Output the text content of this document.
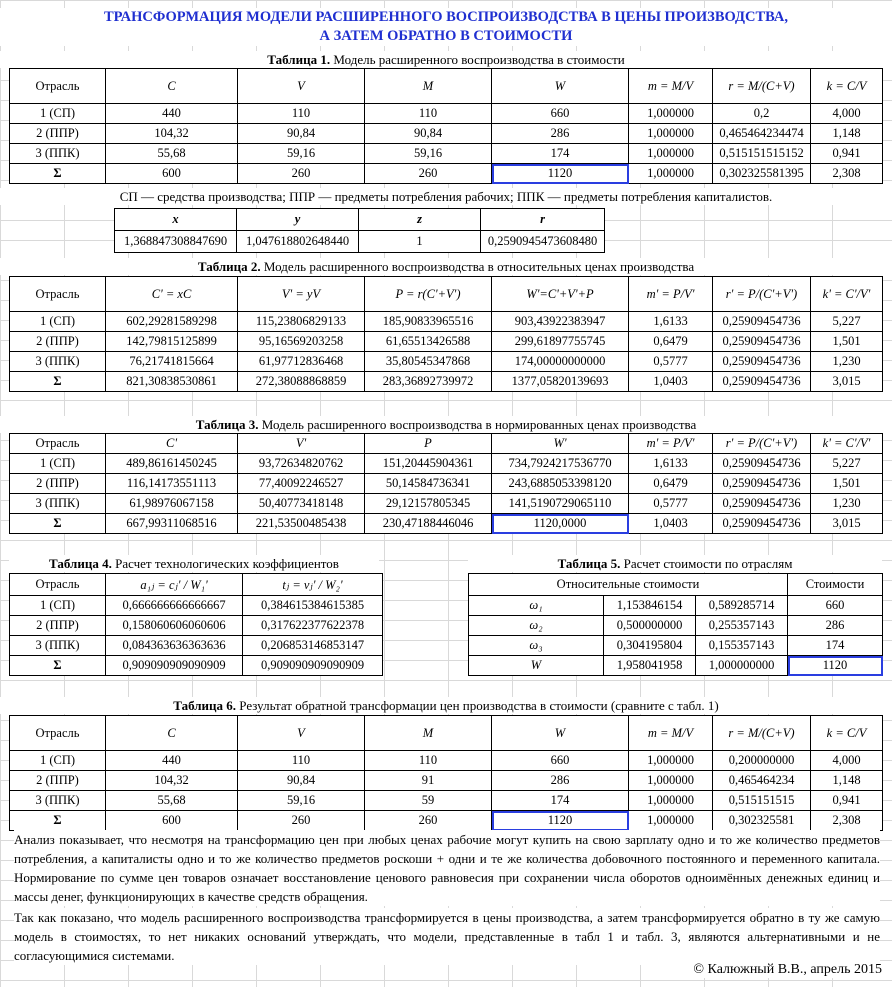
ТРАНСФОРМАЦИЯ МОДЕЛИ РАСШИРЕННОГО ВОСПРОИЗВОДСТВА В ЦЕНЫ ПРОИЗВОДСТВА,
А ЗАТЕМ ОБРАТНО В СТОИМОСТИ
Таблица 1. Модель расширенного воспроизводства в стоимости
Отрасль	C	V	M	W	m = M/V	r = M/(C+V)	k = C/V
1 (СП)	440	110	110	660	1,000000	0,2	4,000
2 (ППР)	104,32	90,84	90,84	286	1,000000	0,465464234474	1,148
3 (ППК)	55,68	59,16	59,16	174	1,000000	0,515151515152	0,941
Σ	600	260	260	1120	1,000000	0,302325581395	2,308
СП — средства производства; ППР — предметы потребления рабочих; ППК — предметы потребления капиталистов.
x	y	z	r
1,368847308847690	1,047618802648440	1	0,2590945473608480
Таблица 2. Модель расширенного воспроизводства в относительных ценах производства
Отрасль	C' = xC	V' = yV	P = r(C'+V')	W'=C'+V'+P	m' = P/V'	r' = P/(C'+V')	k' = C'/V'
1 (СП)	602,29281589298	115,23806829133	185,90833965516	903,43922383947	1,6133	0,25909454736	5,227
2 (ППР)	142,79815125899	95,16569203258	61,65513426588	299,61897755745	0,6479	0,25909454736	1,501
3 (ППК)	76,21741815664	61,97712836468	35,80545347868	174,00000000000	0,5777	0,25909454736	1,230
Σ	821,30838530861	272,38088868859	283,36892739972	1377,05820139693	1,0403	0,25909454736	3,015
Таблица 3. Модель расширенного воспроизводства в нормированных ценах производства
Отрасль	C'	V'	P	W'	m' = P/V'	r' = P/(C'+V')	k' = C'/V'
1 (СП)	489,86161450245	93,72634820762	151,20445904361	734,7924217536770	1,6133	0,25909454736	5,227
2 (ППР)	116,14173551113	77,40092246527	50,14584736341	243,6885053398120	0,6479	0,25909454736	1,501
3 (ППК)	61,98976067158	50,40773418148	29,12157805345	141,5190729065110	0,5777	0,25909454736	1,230
Σ	667,99311068516	221,53500485438	230,47188446046	1120,0000	1,0403	0,25909454736	3,015
Таблица 4. Расчет технологических коэффициентов
Отрасль	a₁ⱼ = cⱼ' / W₁'	tⱼ = vⱼ' / W₂'
1 (СП)	0,666666666666667	0,384615384615385
2 (ППР)	0,158060606060606	0,317622377622378
3 (ППК)	0,084363636363636	0,206853146853147
Σ	0,909090909090909	0,909090909090909
Таблица 5. Расчет стоимости по отраслям
Относительные стоимости			Стоимости
ω₁	1,153846154	0,589285714	660
ω₂	0,500000000	0,255357143	286
ω₃	0,304195804	0,155357143	174
W	1,958041958	1,000000000	1120
Таблица 6. Результат обратной трансформации цен производства в стоимости (сравните с табл. 1)
Отрасль	C	V	M	W	m = M/V	r = M/(C+V)	k = C/V
1 (СП)	440	110	110	660	1,000000	0,200000000	4,000
2 (ППР)	104,32	90,84	91	286	1,000000	0,465464234	1,148
3 (ППК)	55,68	59,16	59	174	1,000000	0,515151515	0,941
Σ	600	260	260	1120	1,000000	0,302325581	2,308
Анализ показывает, что несмотря на трансформацию цен при любых ценах рабочие могут купить на свою зарплату одно и то же количество предметов потребления, а капиталисты одно и то же количество предметов роскоши + одни и те же количества добовочного постоянного и переменного капитала. Нормирование по сумме цен товаров означает восстановление ценового равновесия при сохранении числа оборотов одноимённых денежных единиц и массы денег, функционирующих в качестве средств обращения.
Так как показано, что модель расширенного воспроизводства трансформируется в цены производства, а затем трансформируется обратно в ту же самую модель в стоимостях, то нет никаких оснований утверждать, что модели, представленные в табл 1 и табл. 3, являются альтернативными и не согласующимися системами.
© Калюжный В.В., апрель 2015
